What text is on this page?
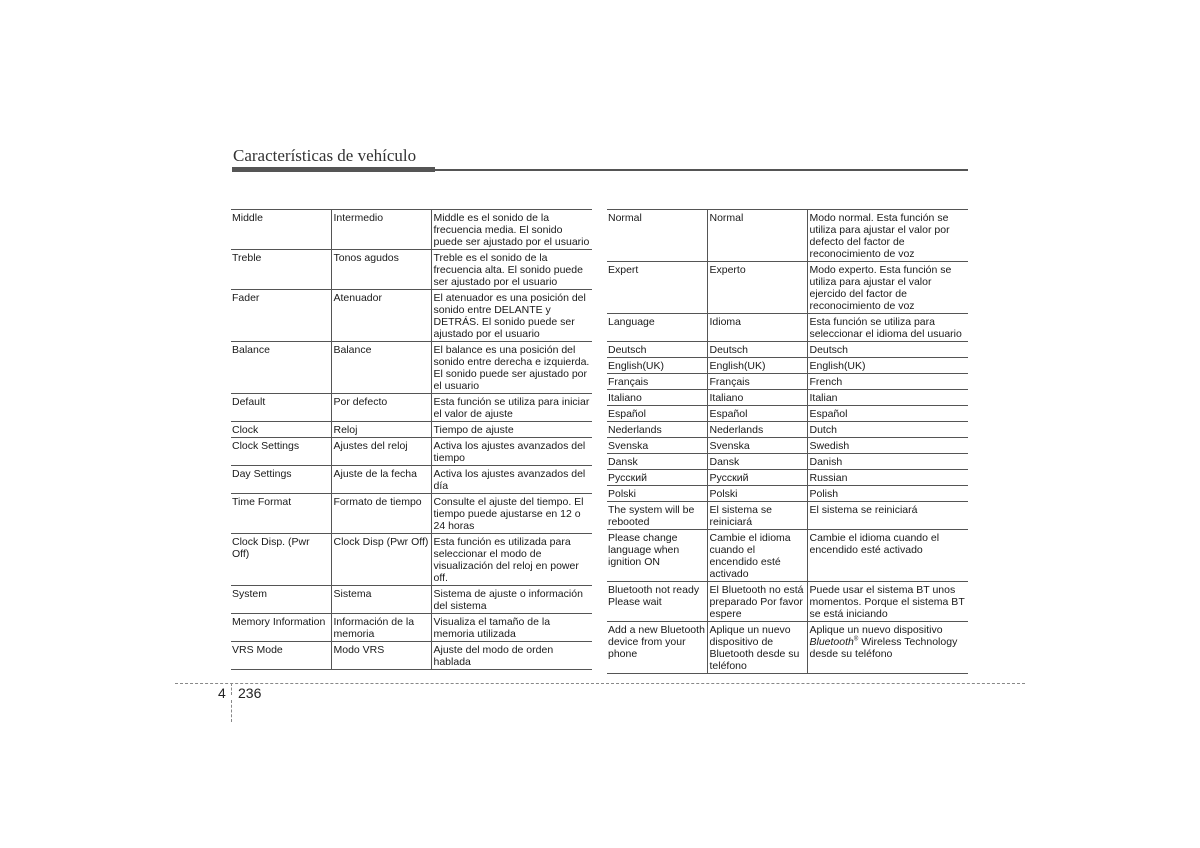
Características de vehículo
Middle	Intermedio	Middle es el sonido de la frecuencia media. El sonido puede ser ajustado por el usuario
Treble	Tonos agudos	Treble es el sonido de la frecuencia alta. El sonido puede ser ajustado por el usuario
Fader	Atenuador	El atenuador es una posición del sonido entre DELANTE y DETRÁS. El sonido puede ser ajustado por el usuario
Balance	Balance	El balance es una posición del sonido entre derecha e izquierda. El sonido puede ser ajustado por el usuario
Default	Por defecto	Esta función se utiliza para iniciar el valor de ajuste
Clock	Reloj	Tiempo de ajuste
Clock Settings	Ajustes del reloj	Activa los ajustes avanzados del tiempo
Day Settings	Ajuste de la fecha	Activa los ajustes avanzados del día
Time Format	Formato de tiempo	Consulte el ajuste del tiempo. El tiempo puede ajustarse en 12 o 24 horas
Clock Disp. (Pwr Off)	Clock Disp (Pwr Off)	Esta función es utilizada para seleccionar el modo de visualización del reloj en power off.
System	Sistema	Sistema de ajuste o información del sistema
Memory Information	Información de la memoria	Visualiza el tamaño de la memoria utilizada
VRS Mode	Modo VRS	Ajuste del modo de orden hablada
Normal	Normal	Modo normal. Esta función se utiliza para ajustar el valor por defecto del factor de reconocimiento de voz
Expert	Experto	Modo experto. Esta función se utiliza para ajustar el valor ejercido del factor de reconocimiento de voz
Language	Idioma	Esta función se utiliza para seleccionar el idioma del usuario
Deutsch	Deutsch	Deutsch
English(UK)	English(UK)	English(UK)
Français	Français	French
Italiano	Italiano	Italian
Español	Español	Español
Nederlands	Nederlands	Dutch
Svenska	Svenska	Swedish
Dansk	Dansk	Danish
Русский	Русский	Russian
Polski	Polski	Polish
The system will be rebooted	El sistema se reiniciará	El sistema se reiniciará
Please change language when ignition ON	Cambie el idioma cuando el encendido esté activado	Cambie el idioma cuando el encendido esté activado
Bluetooth not ready Please wait	El Bluetooth no está preparado Por favor espere	Puede usar el sistema BT unos momentos. Porque el sistema BT se está iniciando
Add a new Bluetooth device from your phone	Aplique un nuevo dispositivo de Bluetooth desde su teléfono	Aplique un nuevo dispositivo Bluetooth® Wireless Technology desde su teléfono
4 236
